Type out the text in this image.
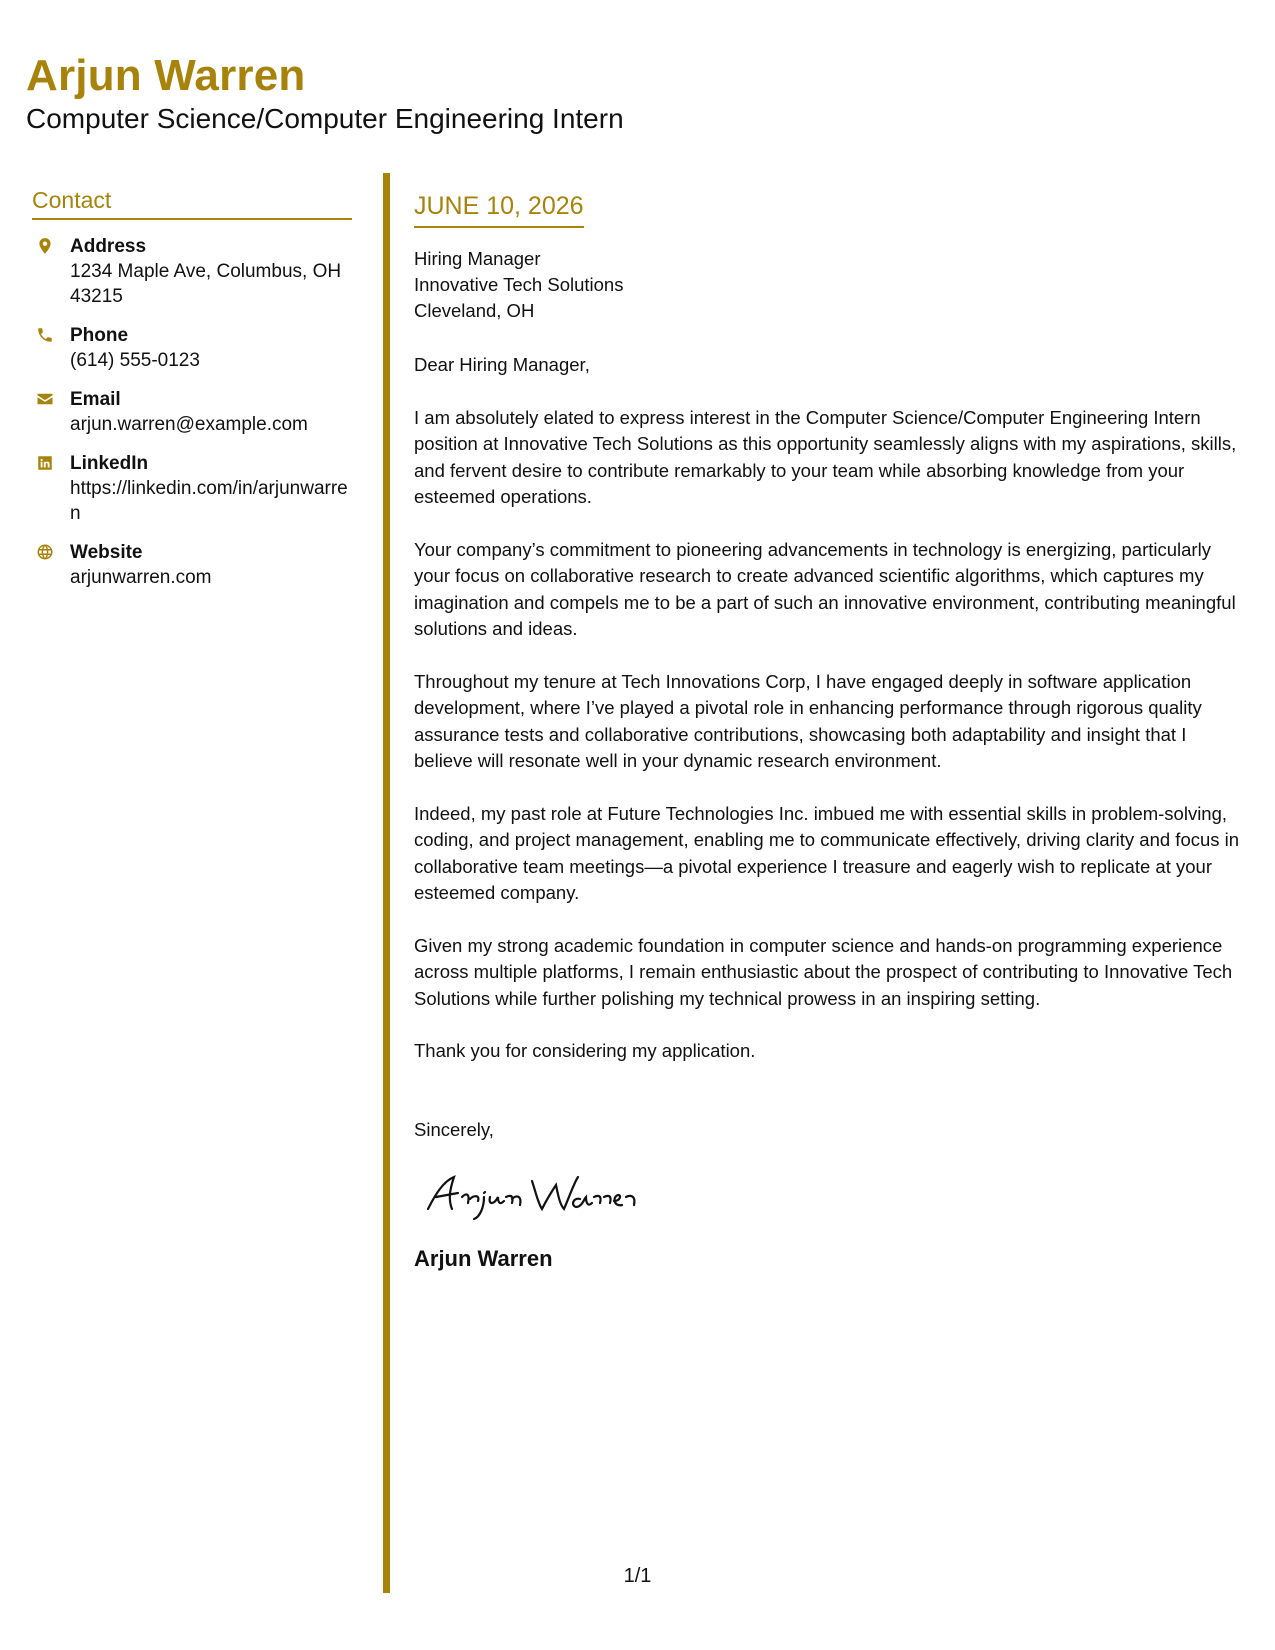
Arjun Warren
Computer Science/Computer Engineering Intern
Contact
Address
1234 Maple Ave, Columbus, OH 43215
Phone
(614) 555-0123
Email
arjun.warren@example.com
LinkedIn
https://linkedin.com/in/arjunwarren
Website
arjunwarren.com
JUNE 10, 2026
Hiring Manager
Innovative Tech Solutions
Cleveland, OH
Dear Hiring Manager,

I am absolutely elated to express interest in the Computer Science/Computer Engineering Intern position at Innovative Tech Solutions as this opportunity seamlessly aligns with my aspirations, skills, and fervent desire to contribute remarkably to your team while absorbing knowledge from your esteemed operations.

Your company’s commitment to pioneering advancements in technology is energizing, particularly your focus on collaborative research to create advanced scientific algorithms, which captures my imagination and compels me to be a part of such an innovative environment, contributing meaningful solutions and ideas.

Throughout my tenure at Tech Innovations Corp, I have engaged deeply in software application development, where I’ve played a pivotal role in enhancing performance through rigorous quality assurance tests and collaborative contributions, showcasing both adaptability and insight that I believe will resonate well in your dynamic research environment.

Indeed, my past role at Future Technologies Inc. imbued me with essential skills in problem-solving, coding, and project management, enabling me to communicate effectively, driving clarity and focus in collaborative team meetings—a pivotal experience I treasure and eagerly wish to replicate at your esteemed company.

Given my strong academic foundation in computer science and hands-on programming experience across multiple platforms, I remain enthusiastic about the prospect of contributing to Innovative Tech Solutions while further polishing my technical prowess in an inspiring setting.

Thank you for considering my application.

Sincerely,
Arjun Warren
1/1
